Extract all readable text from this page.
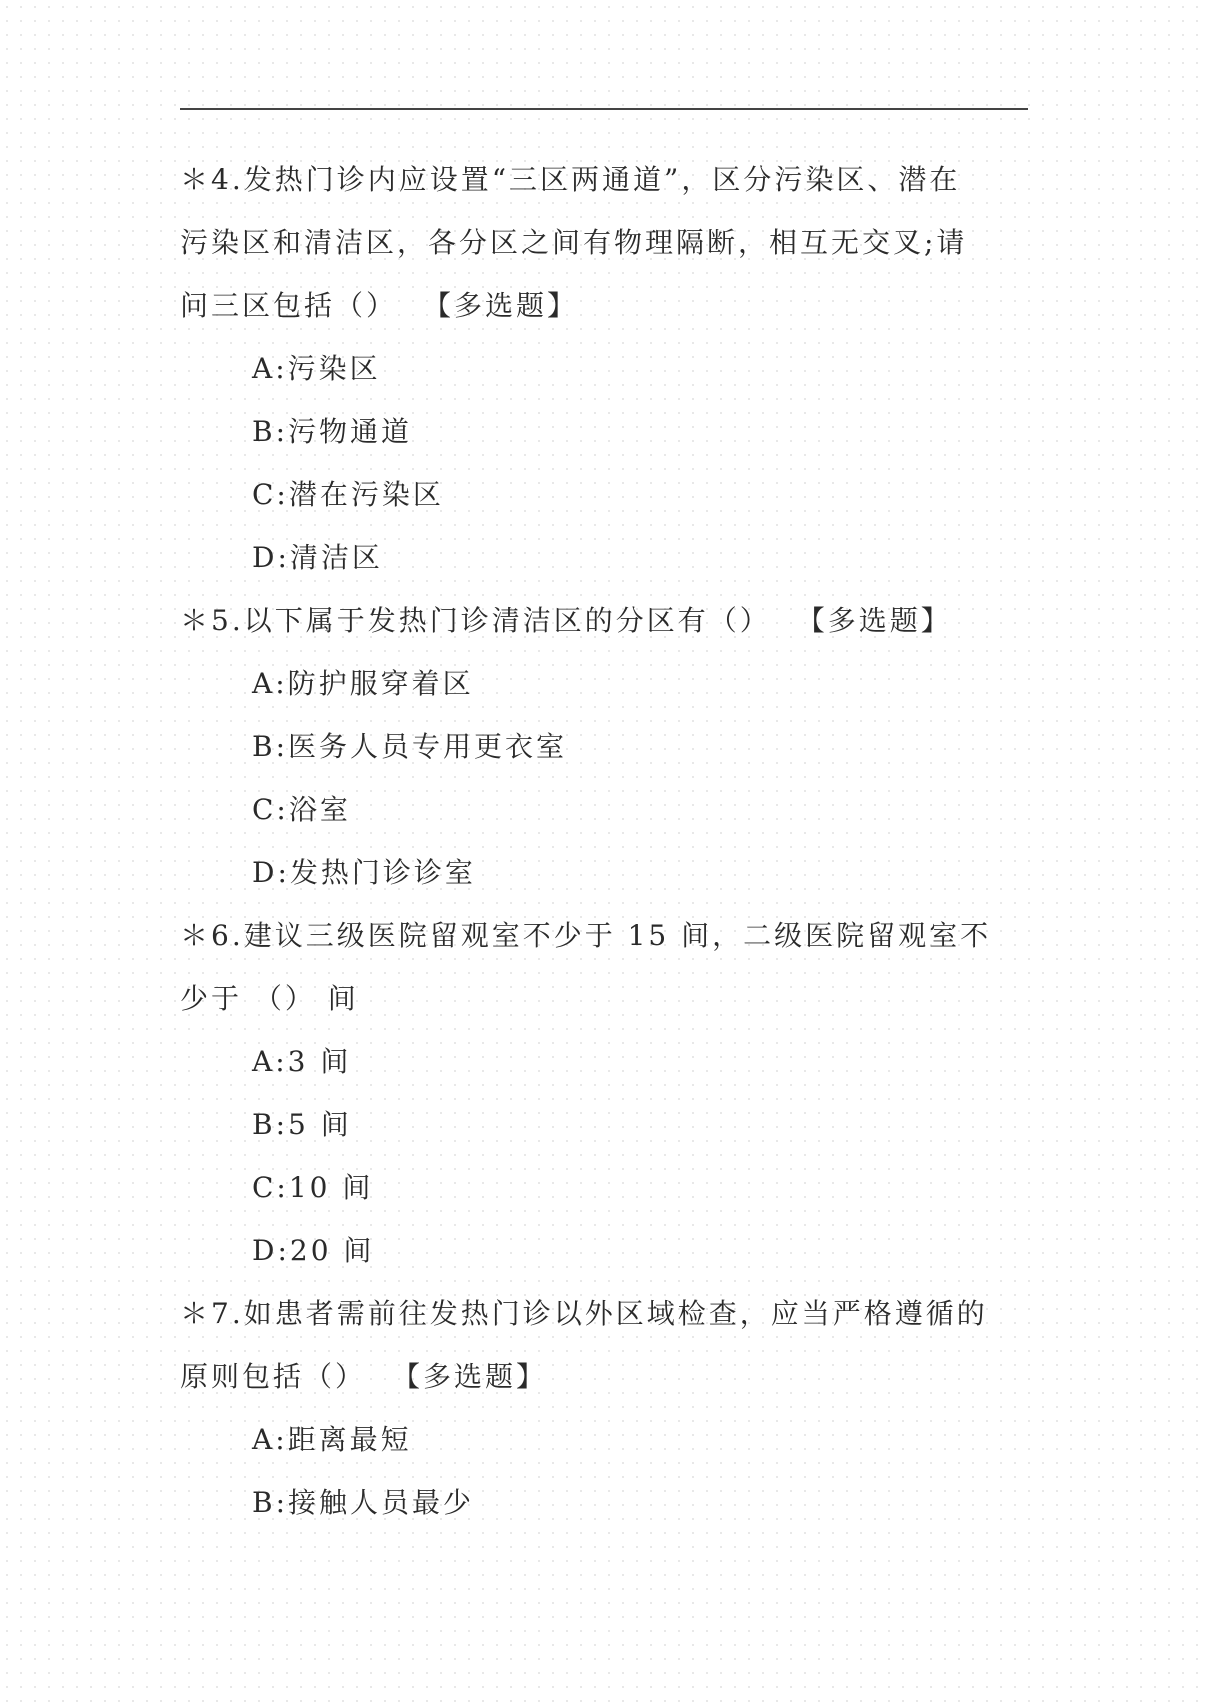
＊4.发热门诊内应设置“三区两通道”，区分污染区、潜在
污染区和清洁区，各分区之间有物理隔断，相互无交叉;请
问三区包括（） 【多选题】
A:污染区
B:污物通道
C:潜在污染区
D:清洁区
＊5.以下属于发热门诊清洁区的分区有（） 【多选题】
A:防护服穿着区
B:医务人员专用更衣室
C:浴室
D:发热门诊诊室
＊6.建议三级医院留观室不少于 15 间，二级医院留观室不
少于 （） 间
A:3 间
B:5 间
C:10 间
D:20 间
＊7.如患者需前往发热门诊以外区域检查，应当严格遵循的
原则包括（） 【多选题】
A:距离最短
B:接触人员最少
